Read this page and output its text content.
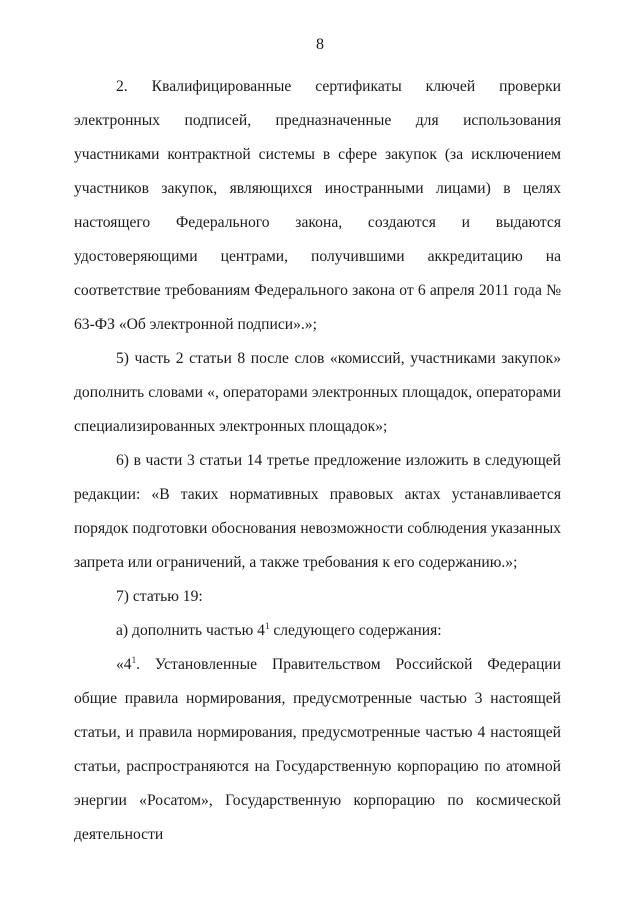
8

2. Квалифицированные сертификаты ключей проверки электронных подписей, предназначенные для использования участниками контрактной системы в сфере закупок (за исключением участников закупок, являющихся иностранными лицами) в целях настоящего Федерального закона, создаются и выдаются удостоверяющими центрами, получившими аккредитацию на соответствие требованиям Федерального закона от 6 апреля 2011 года № 63-ФЗ «Об электронной подписи».»;

5) часть 2 статьи 8 после слов «комиссий, участниками закупок» дополнить словами «, операторами электронных площадок, операторами специализированных электронных площадок»;

6) в части 3 статьи 14 третье предложение изложить в следующей редакции: «В таких нормативных правовых актах устанавливается порядок подготовки обоснования невозможности соблюдения указанных запрета или ограничений, а также требования к его содержанию.»;

7) статью 19:

а) дополнить частью $4^1$ следующего содержания:

«$4^1$. Установленные Правительством Российской Федерации общие правила нормирования, предусмотренные частью 3 настоящей статьи, и правила нормирования, предусмотренные частью 4 настоящей статьи, распространяются на Государственную корпорацию по атомной энергии «Росатом», Государственную корпорацию по космической деятельности
